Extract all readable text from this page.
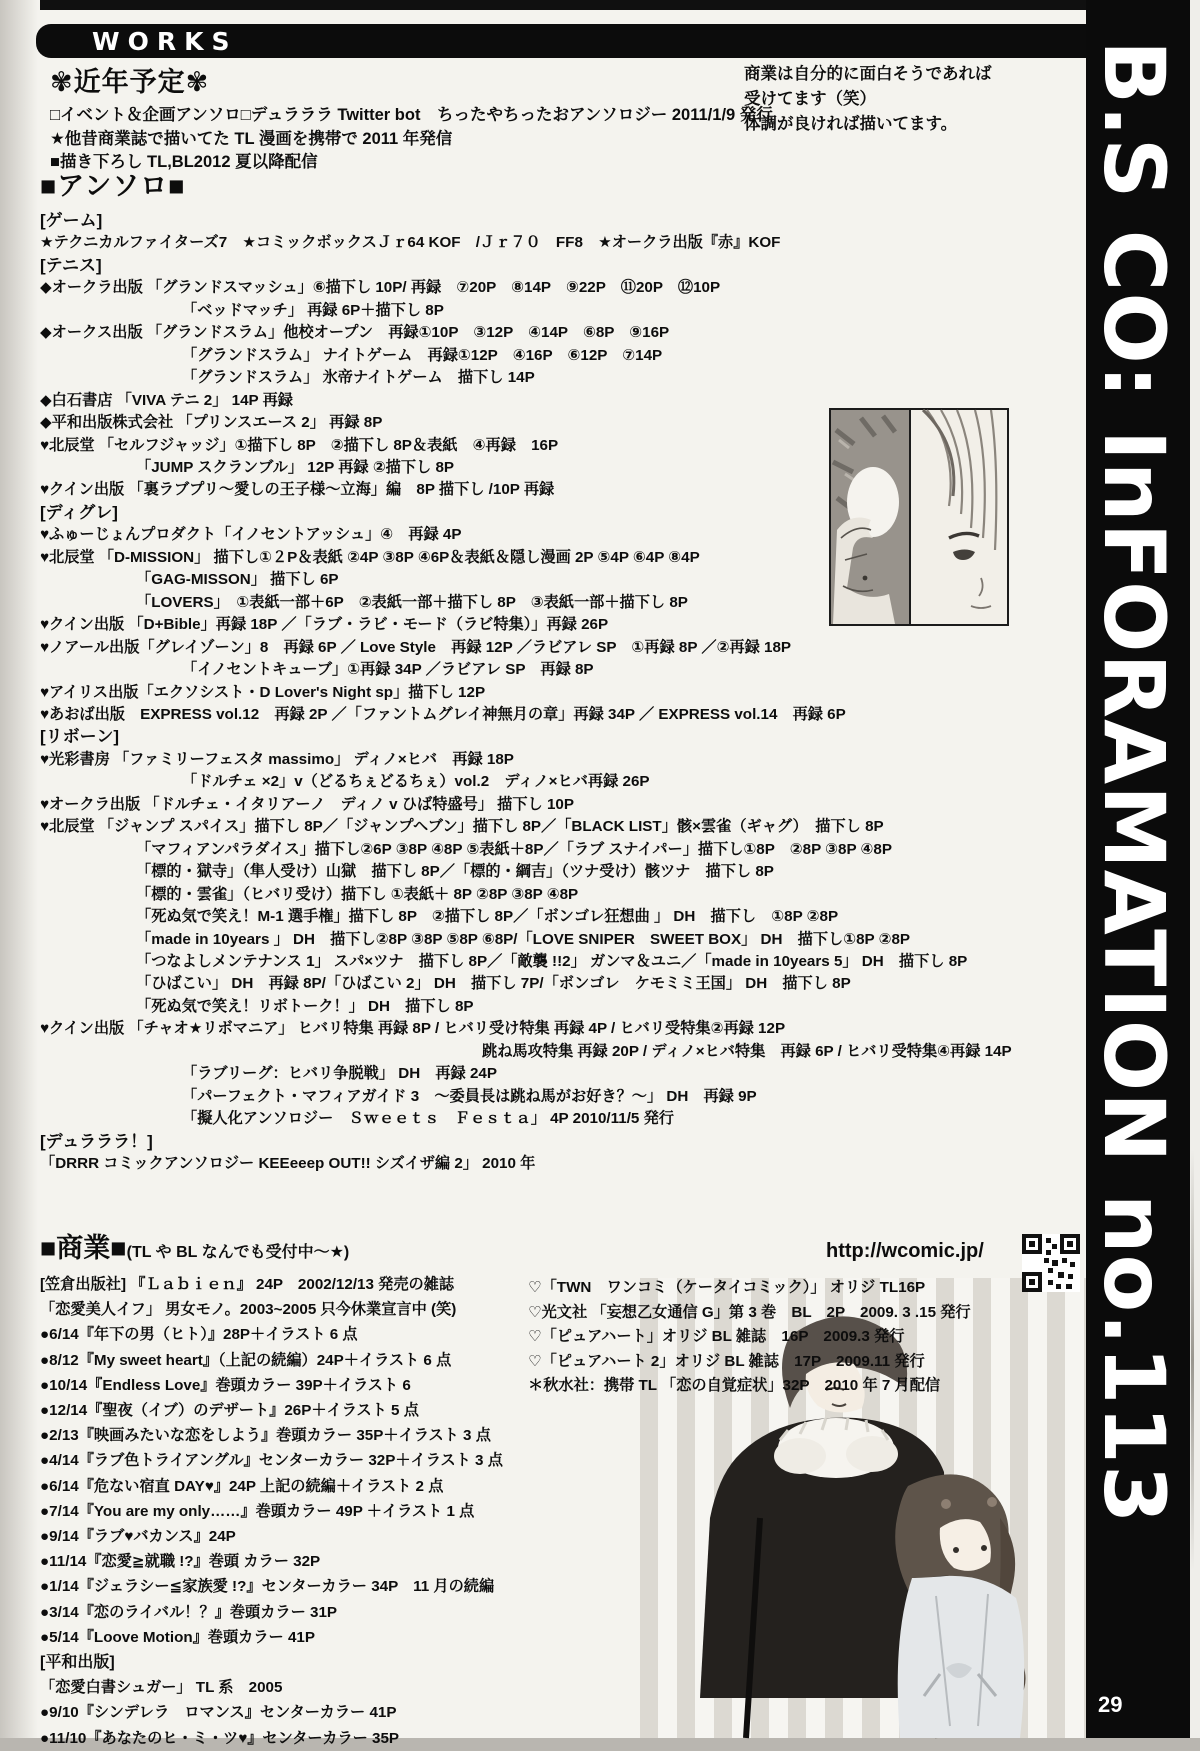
WORKS
✾近年予定✾
□イベント＆企画アンソロ□デュラララ Twitter bot　ちったやちったおアンソロジー 2011/1/9 発行
★他昔商業誌で描いてた TL 漫画を携帯で 2011 年発信
■描き下ろし TL,BL2012 夏以降配信
商業は自分的に面白そうであれば
受けてます（笑）
体調が良ければ描いてます。
■アンソロ■
[ゲーム]
★テクニカルファイターズ7　★コミックボックスＪｒ64 KOF　/Ｊｒ７０　FF8　★オークラ出版『赤』KOF
[テニス]
◆オークラ出版 「グランドスマッシュ」⑥描下し 10P/ 再録　⑦20P　⑧14P　⑨22P　⑪20P　⑫10P
「ベッドマッチ」 再録 6P＋描下し 8P
◆オークス出版 「グランドスラム」他校オープン　再録①10P　③12P　④14P　⑥8P　⑨16P
「グランドスラム」 ナイトゲーム　再録①12P　④16P　⑥12P　⑦14P
「グランドスラム」 氷帝ナイトゲーム　描下し 14P
◆白石書店 「VIVA テニ 2」 14P 再録
◆平和出版株式会社 「プリンスエース 2」 再録 8P
♥北辰堂 「セルフジャッジ」①描下し 8P　②描下し 8P＆表紙　④再録　16P
「JUMP スクランブル」 12P 再録 ②描下し 8P
♥クイン出版 「裏ラブプリ～愛しの王子様～立海」編　8P 描下し /10P 再録
[ディグレ]
♥ふゅーじょんプロダクト「イノセントアッシュ」④　再録 4P
♥北辰堂 「D-MISSION」 描下し①２P＆表紙 ②4P ③8P ④6P＆表紙＆隠し漫画 2P ⑤4P ⑥4P ⑧4P
「GAG-MISSON」 描下し 6P
「LOVERS」　①表紙一部＋6P　②表紙一部＋描下し 8P　③表紙一部＋描下し 8P
♥クイン出版 「D+Bible」再録 18P ／「ラブ・ラビ・モード（ラビ特集）」再録 26P
♥ノアール出版「グレイゾーン」8　再録 6P ／ Love Style　再録 12P ／ラビアレ SP　①再録 8P ／②再録 18P
「イノセントキューブ」①再録 34P ／ラビアレ SP　再録 8P
♥アイリス出版「エクソシスト・D Lover's Night sp」描下し 12P
♥あおば出版　EXPRESS vol.12　再録 2P ／「ファントムグレイ神無月の章」再録 34P ／ EXPRESS vol.14　再録 6P
[リボーン]
♥光彩書房 「ファミリーフェスタ massimo」 ディノ×ヒバ　再録 18P
「ドルチェ ×2」v（どるちぇどるちぇ）vol.2　ディノ×ヒバ再録 26P
♥オークラ出版 「ドルチェ・イタリアーノ　ディノ v ひば特盛号」 描下し 10P
♥北辰堂 「ジャンプ スパイス」描下し 8P／「ジャンプヘブン」描下し 8P／「BLACK LIST」骸×雲雀（ギャグ）　描下し 8P
「マフィアンパラダイス」描下し②6P ③8P ④8P ⑤表紙＋8P／「ラブ スナイパー」描下し①8P　②8P ③8P ④8P
「標的・獄寺」（隼人受け）山獄　描下し 8P／「標的・綱吉」（ツナ受け）骸ツナ　描下し 8P
「標的・雲雀」（ヒバリ受け）描下し ①表紙＋ 8P ②8P ③8P ④8P
「死ぬ気で笑え！M-1 選手権」描下し 8P　②描下し 8P／「ボンゴレ狂想曲 」 DH　描下し　①8P ②8P
「made in 10years 」 DH　描下し②8P ③8P ⑤8P ⑥8P/「LOVE SNIPER　SWEET BOX」 DH　描下し①8P ②8P
「つなよしメンテナンス 1」 スパ×ツナ　描下し 8P／「敵襲 !!2」 ガンマ＆ユニ／「made in 10years 5」 DH　描下し 8P
「ひばこい」 DH　再録 8P/「ひばこい 2」 DH　描下し 7P/「ボンゴレ　ケモミミ王国」 DH　描下し 8P
「死ぬ気で笑え！リボトーク！」 DH　描下し 8P
♥クイン出版 「チャオ★リボマニア」 ヒバリ特集 再録 8P / ヒバリ受け特集 再録 4P / ヒバリ受特集②再録 12P
跳ね馬攻特集 再録 20P / ディノ×ヒバ特集　再録 6P / ヒバリ受特集④再録 14P
「ラブリーグ：ヒバリ争脱戦」 DH　再録 24P
「パーフェクト・マフィアガイド 3　～委員長は跳ね馬がお好き？～」 DH　再録 9P
「擬人化アンソロジー　Ｓｗｅｅｔｓ　Ｆｅｓｔａ」 4P 2010/11/5 発行
[デュラララ！]
「DRRR コミックアンソロジー KEEeeep OUT!! シズイザ編 2」 2010 年
■商業■(TL や BL なんでも受付中～★)	http://wcomic.jp/
[笠倉出版社] 『Ｌａｂｉｅｎ』 24P　2002/12/13 発売の雑誌
「恋愛美人イフ」 男女モノ。2003~2005 只今休業宣言中 (笑)
●6/14『年下の男（ヒト）』28P＋イラスト 6 点
●8/12『My sweet heart』（上記の続編）24P＋イラスト 6 点
●10/14『Endless Love』巻頭カラー 39P＋イラスト 6
●12/14『聖夜（イブ）のデザート』26P＋イラスト 5 点
●2/13『映画みたいな恋をしよう』巻頭カラー 35P＋イラスト 3 点
●4/14『ラブ色トライアングル』センターカラー 32P＋イラスト 3 点
●6/14『危ない宿直 DAY♥』24P 上記の続編＋イラスト 2 点
●7/14『You are my only……』巻頭カラー 49P ＋イラスト 1 点
●9/14『ラブ♥バカンス』24P
●11/14『恋愛≧就職 !?』巻頭 カラー 32P
●1/14『ジェラシー≦家族愛 !?』センターカラー 34P　11 月の続編
●3/14『恋のライバル！？』巻頭カラー 31P
●5/14『Loove Motion』巻頭カラー 41P
[平和出版]
「恋愛白書シュガー」 TL 系　2005
●9/10『シンデレラ　ロマンス』センターカラー 41P
●11/10『あなたのヒ・ミ・ツ♥』センターカラー 35P
♡「TWN　ワンコミ（ケータイコミック）」 オリジ TL16P
♡光文社 「妄想乙女通信 G」第 3 巻　BL　2P　2009. 3 .15 発行
♡「ピュアハート」オリジ BL 雑誌　16P　2009.3 発行
♡「ピュアハート 2」オリジ BL 雑誌　17P　2009.11 発行
＊秋水社：携帯 TL 「恋の自覚症状」32P　2010 年 7 月配信	B.S CO: InFORAMATION no.113
29
